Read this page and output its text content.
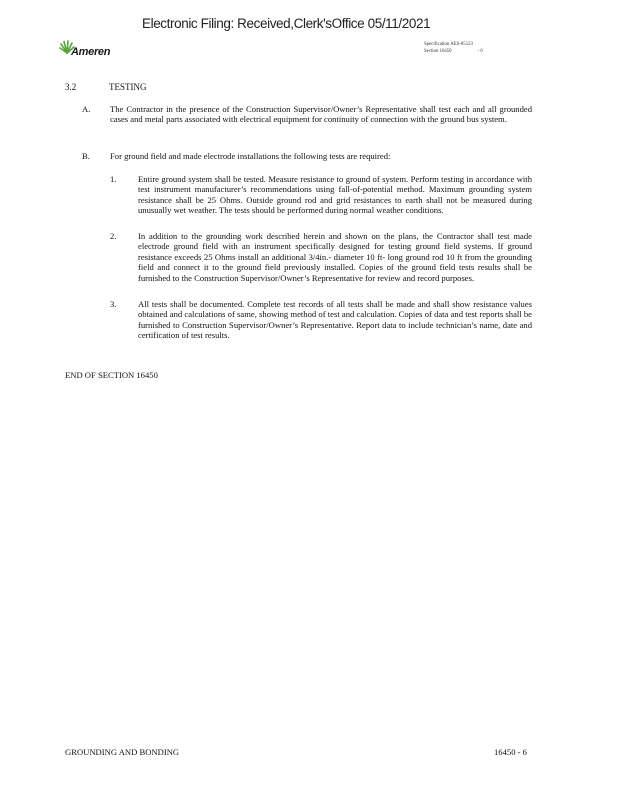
Electronic Filing: Received,Clerk'sOffice 05/11/2021
Ameren
Specification AES-05123
Section 16450	- 6
3.2	TESTING
A. The Contractor in the presence of the Construction Supervisor/Owner’s Representative shall test each and all grounded cases and metal parts associated with electrical equipment for continuity of connection with the ground bus system.
B. For ground field and made electrode installations the following tests are required:
1.	Entire ground system shall be tested. Measure resistance to ground of system. Perform testing in accordance with test instrument manufacturer’s recommendations using fall-of-potential method. Maximum grounding system resistance shall be 25 Ohms. Outside ground rod and grid resistances to earth shall not be measured during unusually wet weather. The tests should be performed during normal weather conditions.
2.	In addition to the grounding work described herein and shown on the plans, the Contractor shall test made electrode ground field with an instrument specifically designed for testing ground field systems. If ground resistance exceeds 25 Ohms install an additional 3/4in.- diameter 10 ft- long ground rod 10 ft from the grounding field and connect it to the ground field previously installed. Copies of the ground field tests results shall be furnished to the Construction Supervisor/Owner’s Representative for review and record purposes.
3.	All tests shall be documented. Complete test records of all tests shall be made and shall show resistance values obtained and calculations of same, showing method of test and calculation. Copies of data and test reports shall be furnished to Construction Supervisor/Owner’s Representative. Report data to include technician’s name, date and certification of test results.
END OF SECTION 16450
GROUNDING AND BONDING	16450 - 6
